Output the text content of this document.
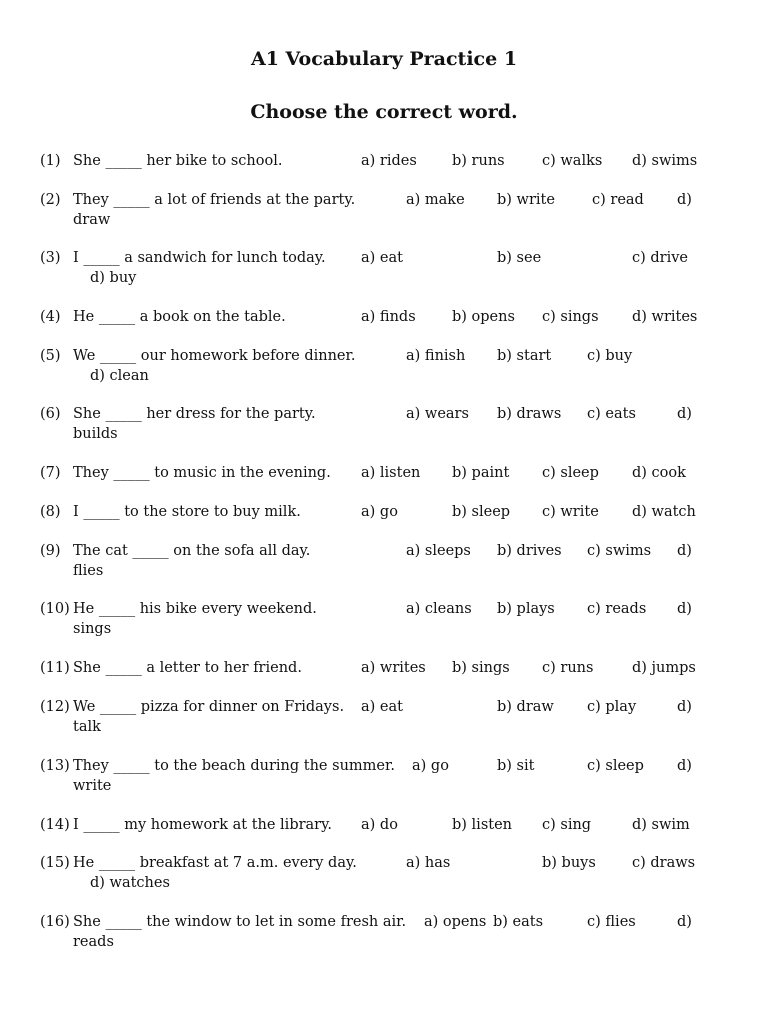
A1 Vocabulary Practice 1
Choose the correct word.
(1) She _____ her bike to school.	a) rides b) runs	c) walks d) swims
(2) They _____ a lot of friends at the party.	a) make b) write	c) read d)
draw
(3) I _____ a sandwich for lunch today. a) eat	b) see	c) drive
d) buy
(4) He _____ a book on the table.	a) finds	b) opens c) sings d) writes
(5) We _____ our homework before dinner.	a) finish b) start c) buy
d) clean
(6) She _____ her dress for the party.	a) wears b) draws c) eats	d)
builds
(7) They _____ to music in the evening. a) listen b) paint c) sleep d) cook
(8) I _____ to the store to buy milk.	a) go	b) sleep c) write d) watch
(9) The cat _____ on the sofa all day.	a) sleeps b) drives c) swims d)
flies
(10) He _____ his bike every weekend.	a) cleans b) plays c) reads d)
sings
(11) She _____ a letter to her friend.	a) writes b) sings c) runs	d) jumps
(12) We _____ pizza for dinner on Fridays. a) eat	b) draw c) play	d)
talk
(13) They _____ to the beach during the summer. a) go	b) sit	c) sleep d)
write
(14) I _____ my homework at the library. a) do	b) listen c) sing	d) swim
(15) He _____ breakfast at 7 a.m. every day.	a) has	b) buys c) draws
d) watches
(16) She _____ the window to let in some fresh air. a) opens b) eats	c) flies	d)
reads
